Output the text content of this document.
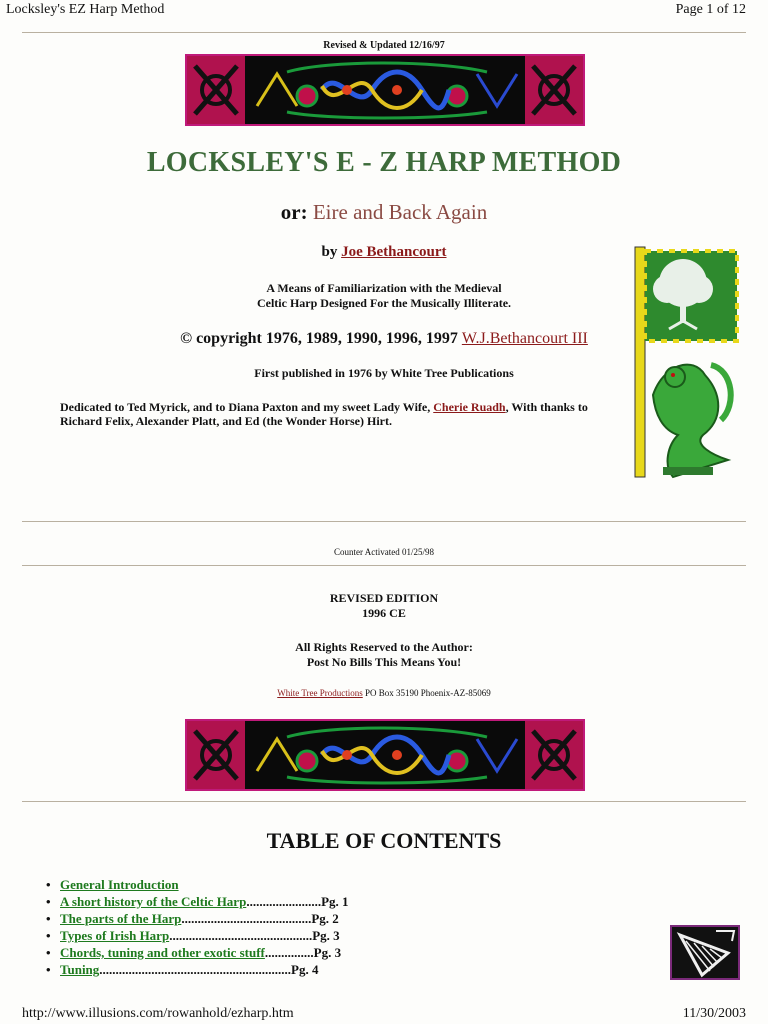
Locksley's EZ Harp Method	Page 1 of 12
Revised & Updated 12/16/97
LOCKSLEY'S E - Z HARP METHOD
or: Eire and Back Again
by Joe Bethancourt
A Means of Familiarization with the Medieval
Celtic Harp Designed For the Musically Illiterate.
© copyright 1976, 1989, 1990, 1996, 1997 W.J.Bethancourt III
First published in 1976 by White Tree Publications
Dedicated to Ted Myrick, and to Diana Paxton and my sweet Lady Wife, Cherie Ruadh, With thanks to
Richard Felix, Alexander Platt, and Ed (the Wonder Horse) Hirt.
Counter Activated 01/25/98
REVISED EDITION
1996 CE
All Rights Reserved to the Author:
Post No Bills This Means You!
White Tree Productions PO Box 35190 Phoenix-AZ-85069
TABLE OF CONTENTS
• General Introduction
• A short history of the Celtic Harp.......................Pg. 1
• The parts of the Harp........................................Pg. 2
• Types of Irish Harp............................................Pg. 3
• Chords, tuning and other exotic stuff...............Pg. 3
• Tuning...........................................................Pg. 4
http://www.illusions.com/rowanhold/ezharp.htm	11/30/2003
